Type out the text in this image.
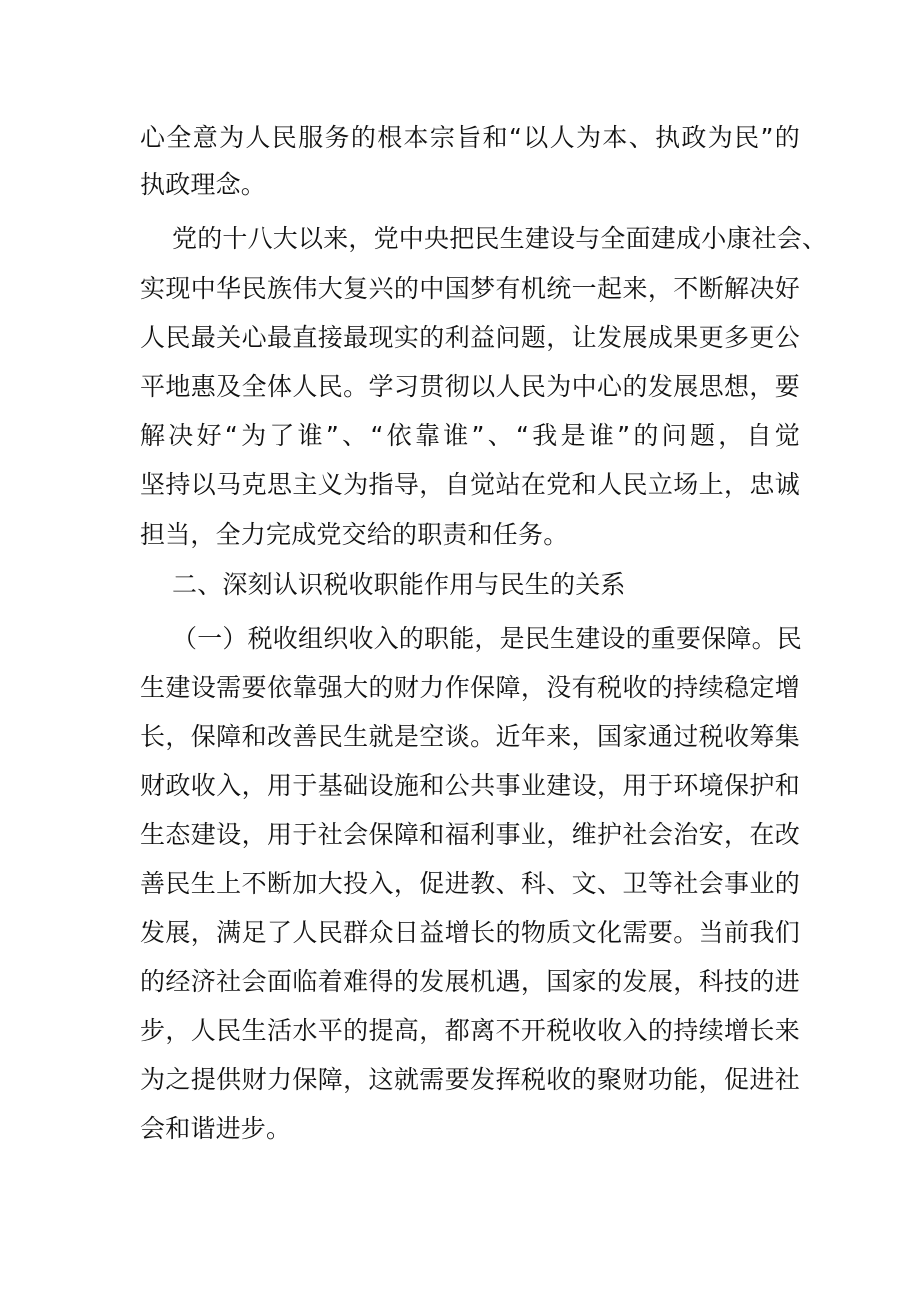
心全意为人民服务的根本宗旨和“以人为本、执政为民”的
执政理念。
党的十八大以来，党中央把民生建设与全面建成小康社会、
实现中华民族伟大复兴的中国梦有机统一起来，不断解决好
人民最关心最直接最现实的利益问题，让发展成果更多更公
平地惠及全体人民。学习贯彻以人民为中心的发展思想，要
解决好“为了谁”、“依靠谁”、“我是谁”的问题，自觉
坚持以马克思主义为指导，自觉站在党和人民立场上，忠诚
担当，全力完成党交给的职责和任务。
二、深刻认识税收职能作用与民生的关系
（一）税收组织收入的职能，是民生建设的重要保障。民
生建设需要依靠强大的财力作保障，没有税收的持续稳定增
长，保障和改善民生就是空谈。近年来，国家通过税收筹集
财政收入，用于基础设施和公共事业建设，用于环境保护和
生态建设，用于社会保障和福利事业，维护社会治安，在改
善民生上不断加大投入，促进教、科、文、卫等社会事业的
发展，满足了人民群众日益增长的物质文化需要。当前我们
的经济社会面临着难得的发展机遇，国家的发展，科技的进
步，人民生活水平的提高，都离不开税收收入的持续增长来
为之提供财力保障，这就需要发挥税收的聚财功能，促进社
会和谐进步。
